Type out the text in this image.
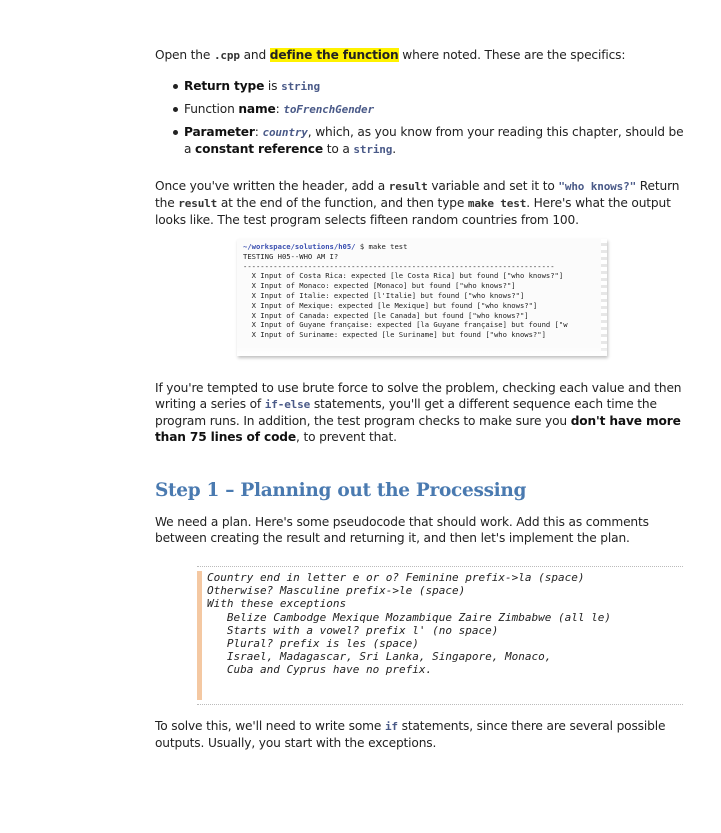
Open the .cpp and define the function where noted. These are the specifics:

Return type is string
Function name: toFrenchGender
Parameter: country, which, as you know from your reading this chapter, should be a constant reference to a string.

Once you've written the header, add a result variable and set it to "who knows?" Return the result at the end of the function, and then type make test. Here's what the output looks like. The test program selects fifteen random countries from 100.

~/workspace/solutions/h05/ $ make test
TESTING H05--WHO AM I?
------------------------------------------------------------------------
X Input of Costa Rica: expected [le Costa Rica] but found ["who knows?"]
X Input of Monaco: expected [Monaco] but found ["who knows?"]
X Input of Italie: expected [l'Italie] but found ["who knows?"]
X Input of Mexique: expected [le Mexique] but found ["who knows?"]
X Input of Canada: expected [le Canada] but found ["who knows?"]
X Input of Guyane française: expected [la Guyane française] but found ["w
X Input of Suriname: expected [le Suriname] but found ["who knows?"]

If you're tempted to use brute force to solve the problem, checking each value and then writing a series of if-else statements, you'll get a different sequence each time the program runs. In addition, the test program checks to make sure you don't have more than 75 lines of code, to prevent that.

Step 1 – Planning out the Processing

We need a plan. Here's some pseudocode that should work. Add this as comments between creating the result and returning it, and then let's implement the plan.

Country end in letter e or o? Feminine prefix->la (space)
Otherwise? Masculine prefix->le (space)
With these exceptions
Belize Cambodge Mexique Mozambique Zaire Zimbabwe (all le)
Starts with a vowel? prefix l' (no space)
Plural? prefix is les (space)
Israel, Madagascar, Sri Lanka, Singapore, Monaco,
Cuba and Cyprus have no prefix.

To solve this, we'll need to write some if statements, since there are several possible outputs. Usually, you start with the exceptions.
